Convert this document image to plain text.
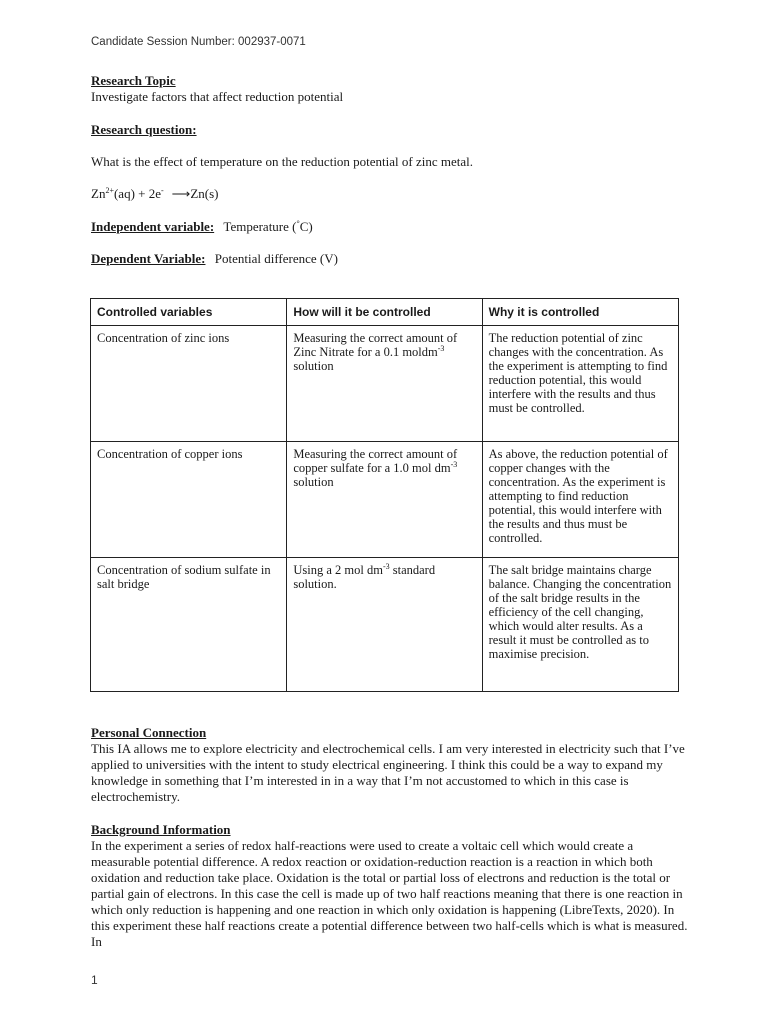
Candidate Session Number: 002937-0071
Research Topic
Investigate factors that affect reduction potential
Research question:
What is the effect of temperature on the reduction potential of zinc metal.
$Zn^{2+}(aq) + 2e^-$ ⟶Zn(s)
Independent variable: Temperature (°C)
Dependent Variable: Potential difference (V)
Controlled variables	How will it be controlled	Why it is controlled
Concentration of zinc ions	Measuring the correct amount of Zinc Nitrate for a 0.1 moldm$^{-3}$ solution	The reduction potential of zinc changes with the concentration. As the experiment is attempting to find reduction potential, this would interfere with the results and thus must be controlled.
Concentration of copper ions	Measuring the correct amount of copper sulfate for a 1.0 mol $dm^{-3}$ solution	As above, the reduction potential of copper changes with the concentration. As the experiment is attempting to find reduction potential, this would interfere with the results and thus must be controlled.
Concentration of sodium sulfate in salt bridge	Using a 2 mol $dm^{-3}$ standard solution.	The salt bridge maintains charge balance. Changing the concentration of the salt bridge results in the efficiency of the cell changing, which would alter results. As a result it must be controlled as to maximise precision.
Personal Connection
This IA allows me to explore electricity and electrochemical cells. I am very interested in electricity such that I’ve applied to universities with the intent to study electrical engineering. I think this could be a way to expand my knowledge in something that I’m interested in in a way that I’m not accustomed to which in this case is electrochemistry.
Background Information
In the experiment a series of redox half-reactions were used to create a voltaic cell which would create a measurable potential difference. A redox reaction or oxidation-reduction reaction is a reaction in which both oxidation and reduction take place. Oxidation is the total or partial loss of electrons and reduction is the total or partial gain of electrons. In this case the cell is made up of two half reactions meaning that there is one reaction in which only reduction is happening and one reaction in which only oxidation is happening (LibreTexts, 2020). In this experiment these half reactions create a potential difference between two half-cells which is what is measured. In
1
